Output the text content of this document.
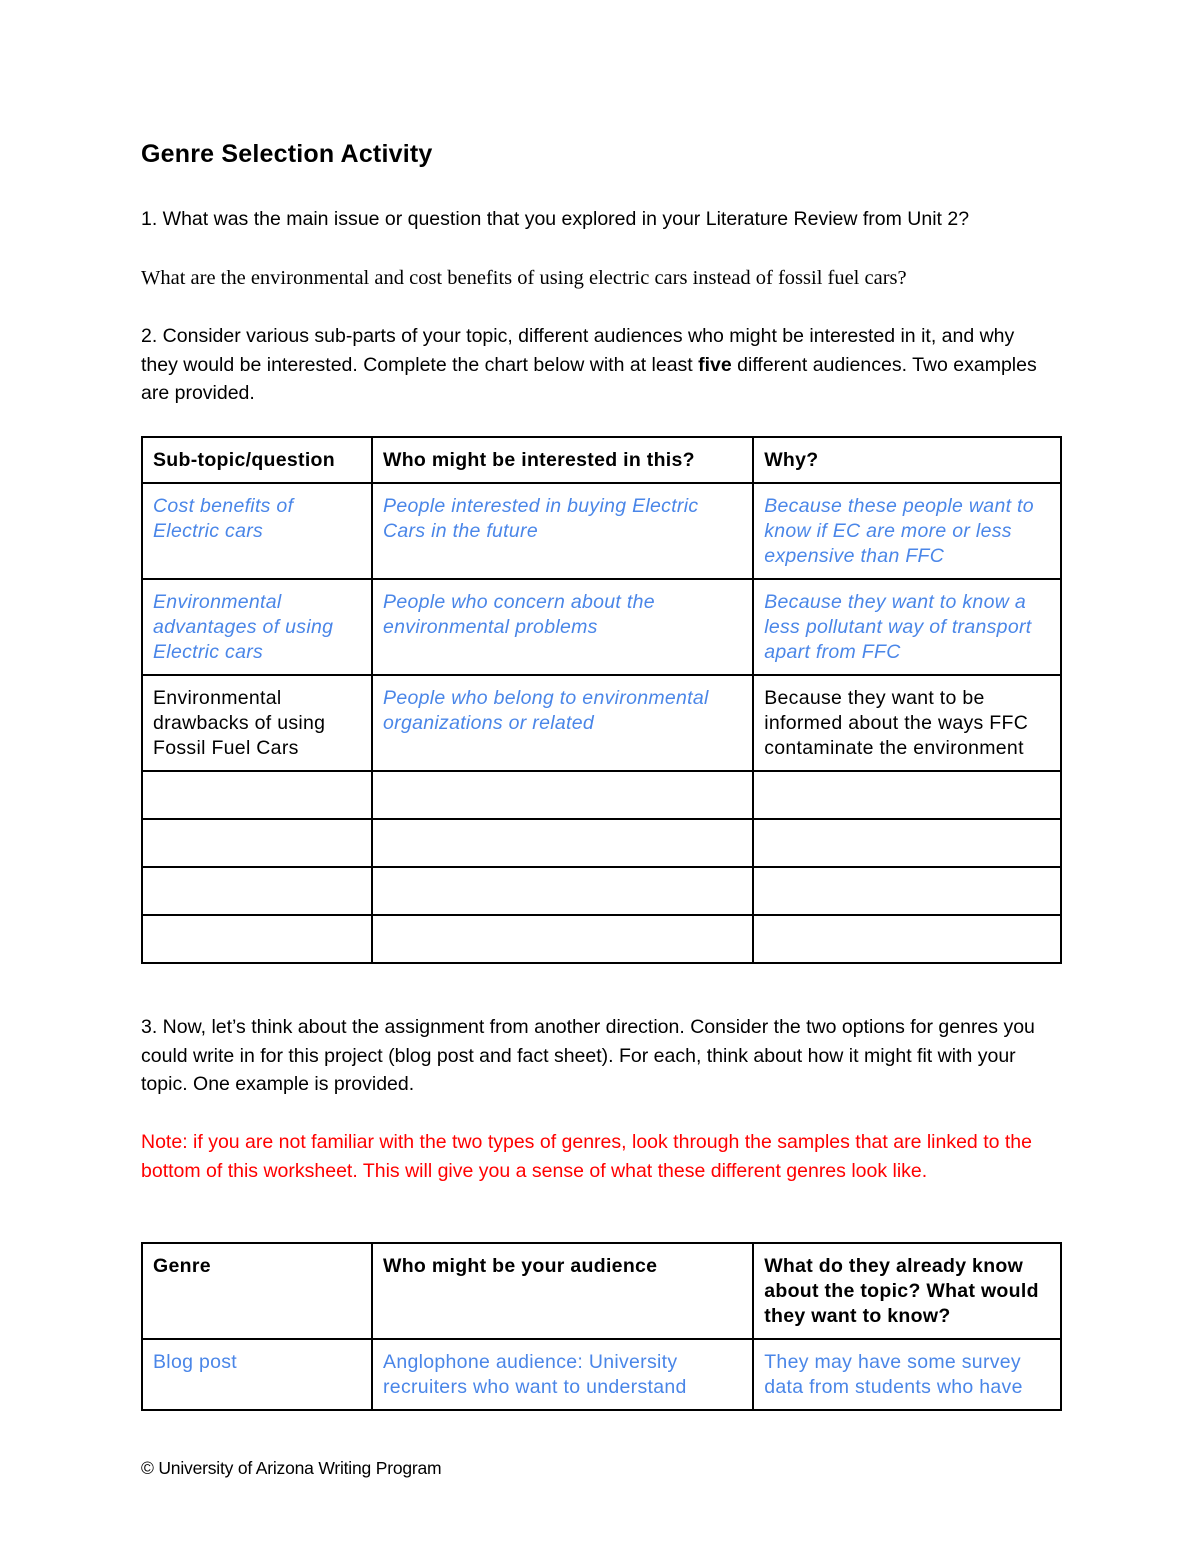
Genre Selection Activity

1. What was the main issue or question that you explored in your Literature Review from Unit 2?

What are the environmental and cost benefits of using electric cars instead of fossil fuel cars?

2. Consider various sub-parts of your topic, different audiences who might be interested in it, and why they would be interested. Complete the chart below with at least five different audiences. Two examples are provided.

Sub-topic/question	Who might be interested in this?	Why?
Cost benefits of Electric cars	People interested in buying Electric Cars in the future	Because these people want to know if EC are more or less expensive than FFC
Environmental advantages of using Electric cars	People who concern about the environmental problems	Because they want to know a less pollutant way of transport apart from FFC
Environmental drawbacks of using Fossil Fuel Cars	People who belong to environmental organizations or related	Because they want to be informed about the ways FFC contaminate the environment

3. Now, let’s think about the assignment from another direction. Consider the two options for genres you could write in for this project (blog post and fact sheet). For each, think about how it might fit with your topic. One example is provided.

Note: if you are not familiar with the two types of genres, look through the samples that are linked to the bottom of this worksheet. This will give you a sense of what these different genres look like.

Genre	Who might be your audience	What do they already know about the topic? What would they want to know?
Blog post	Anglophone audience: University recruiters who want to understand	They may have some survey data from students who have
© University of Arizona Writing Program
